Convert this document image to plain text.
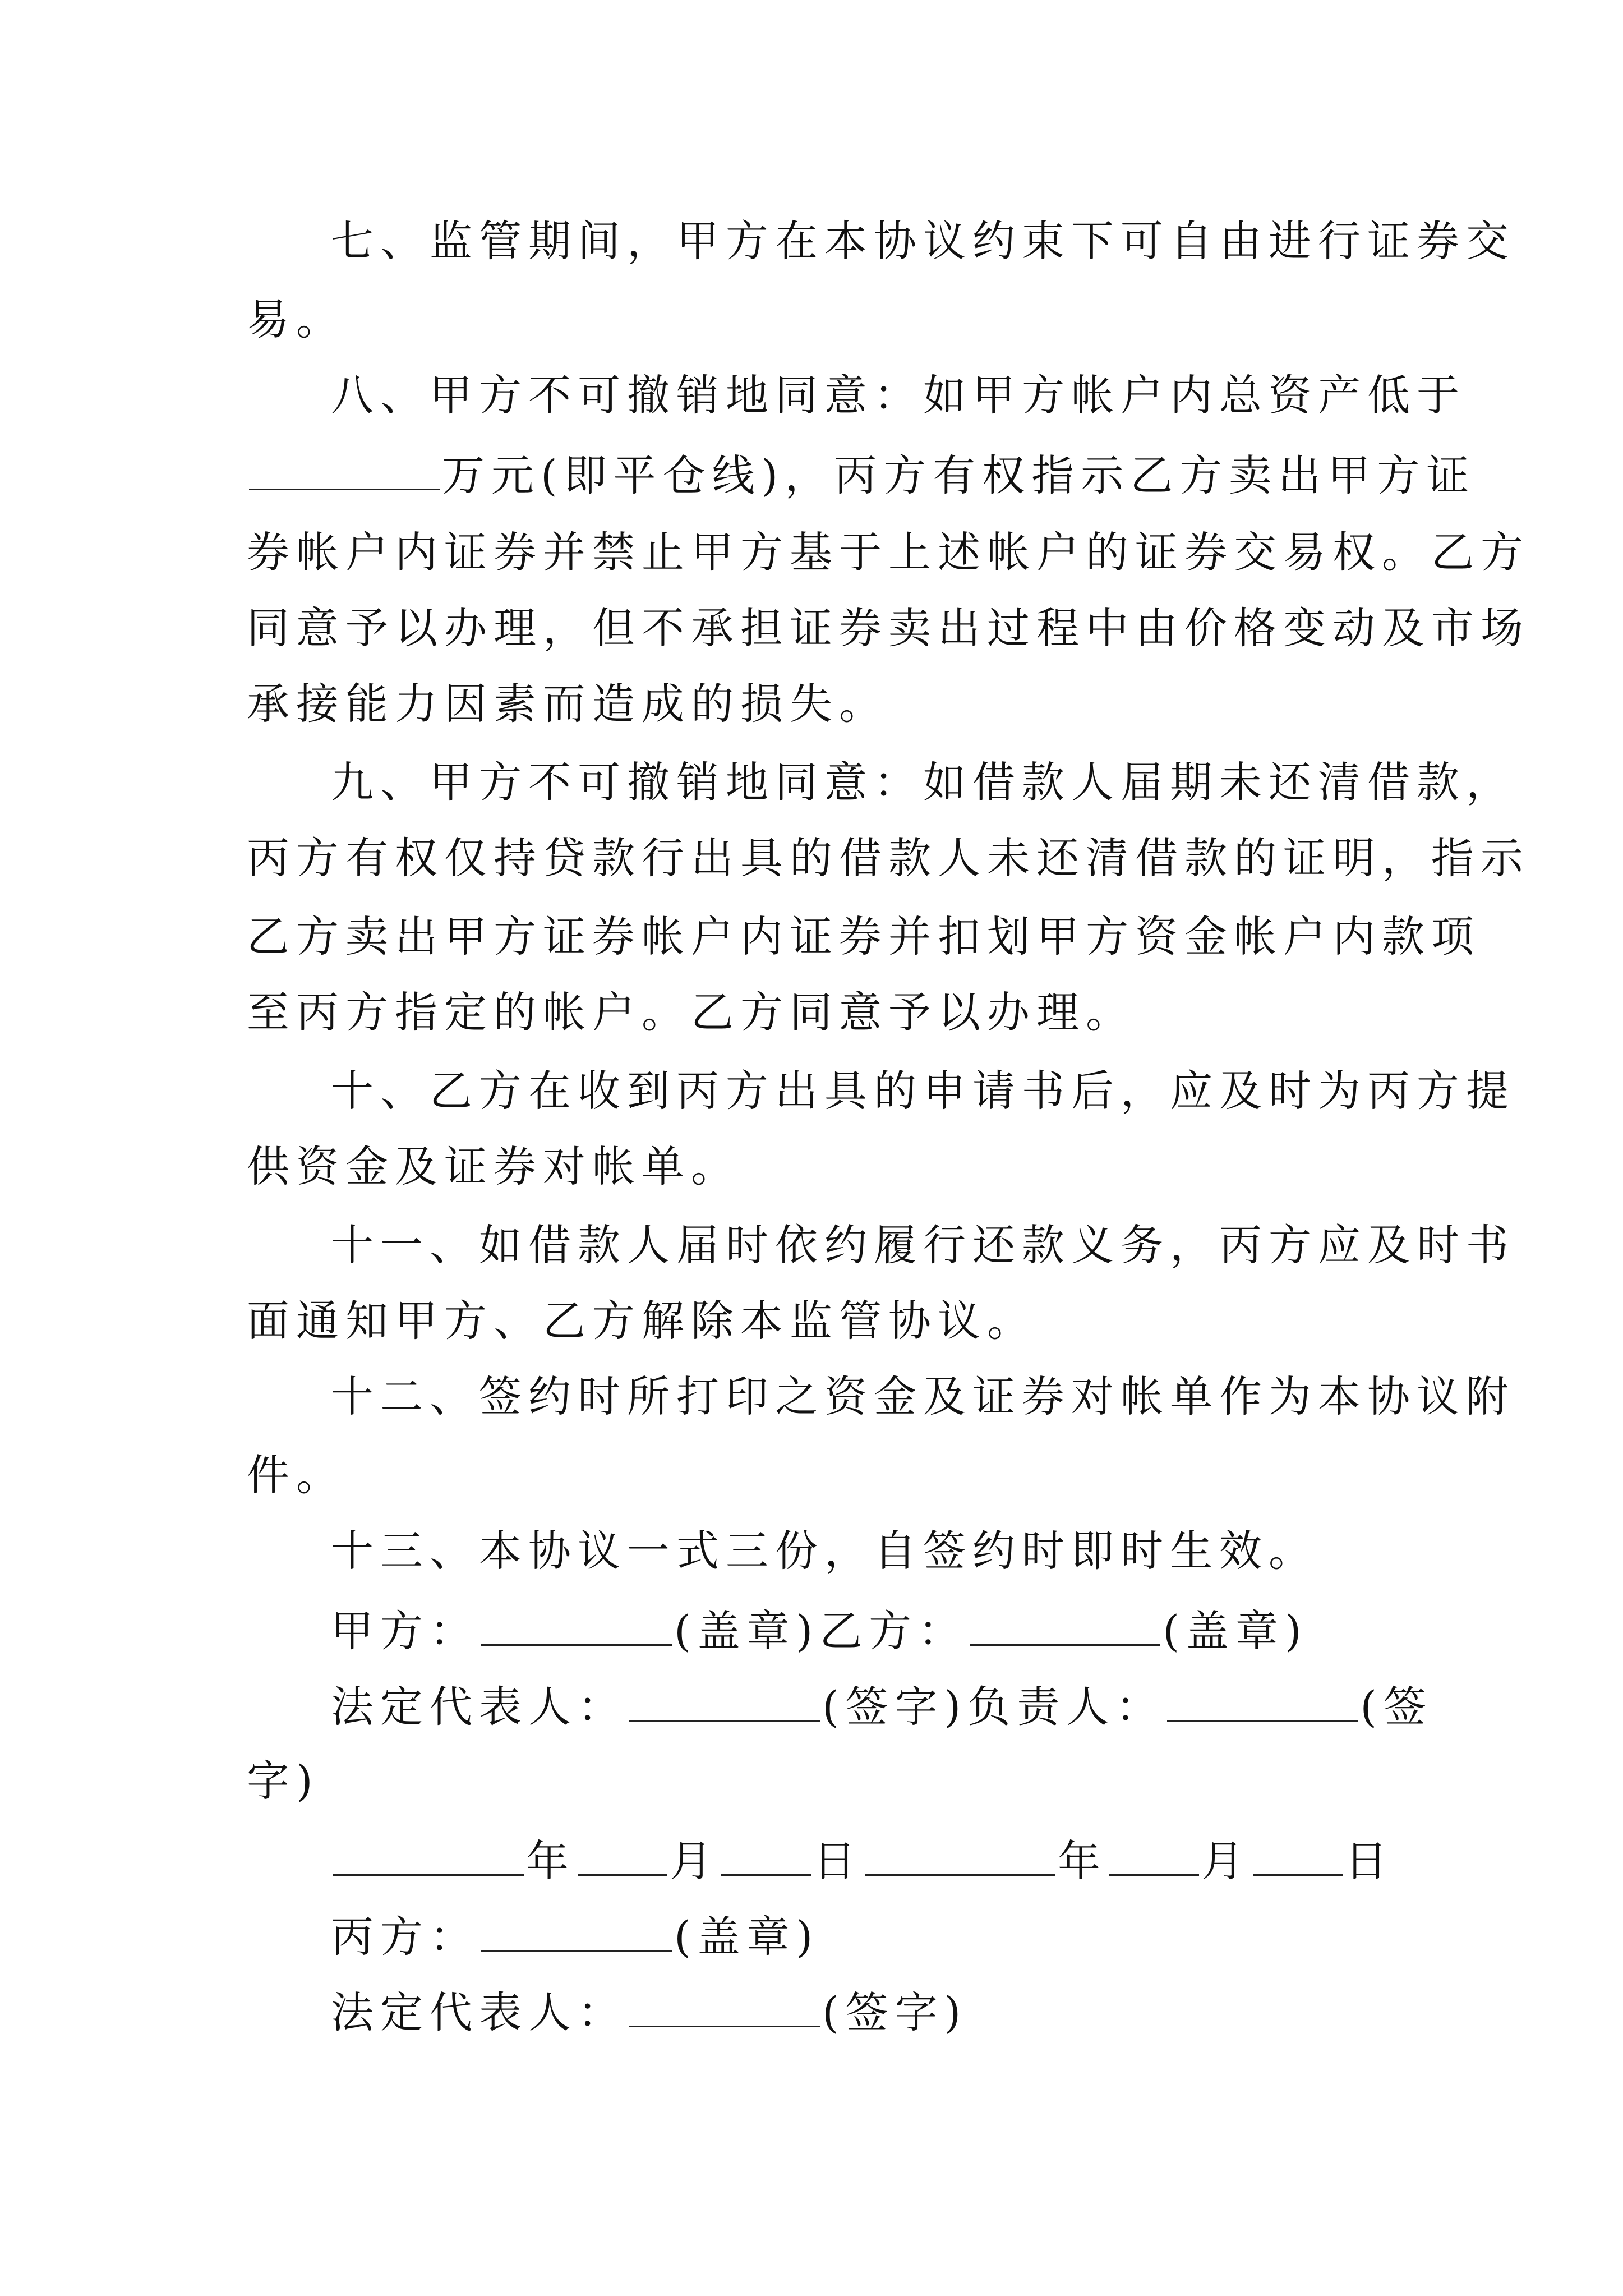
七、监管期间，甲方在本协议约束下可自由进行证券交
易。
八、甲方不可撤销地同意：如甲方帐户内总资产低于
万元(即平仓线)，丙方有权指示乙方卖出甲方证
券帐户内证券并禁止甲方基于上述帐户的证券交易权。乙方
同意予以办理，但不承担证券卖出过程中由价格变动及市场
承接能力因素而造成的损失。
九、甲方不可撤销地同意：如借款人届期未还清借款，
丙方有权仅持贷款行出具的借款人未还清借款的证明，指示
乙方卖出甲方证券帐户内证券并扣划甲方资金帐户内款项
至丙方指定的帐户。乙方同意予以办理。
十、乙方在收到丙方出具的申请书后，应及时为丙方提
供资金及证券对帐单。
十一、如借款人届时依约履行还款义务，丙方应及时书
面通知甲方、乙方解除本监管协议。
十二、签约时所打印之资金及证券对帐单作为本协议附
件。
十三、本协议一式三份，自签约时即时生效。
甲方：	(盖章)乙方：	(盖章)
法定代表人：	(签字)负责人：	(签
字)
年 月 日	年 月 日
丙方：	(盖章)
法定代表人：	(签字)
